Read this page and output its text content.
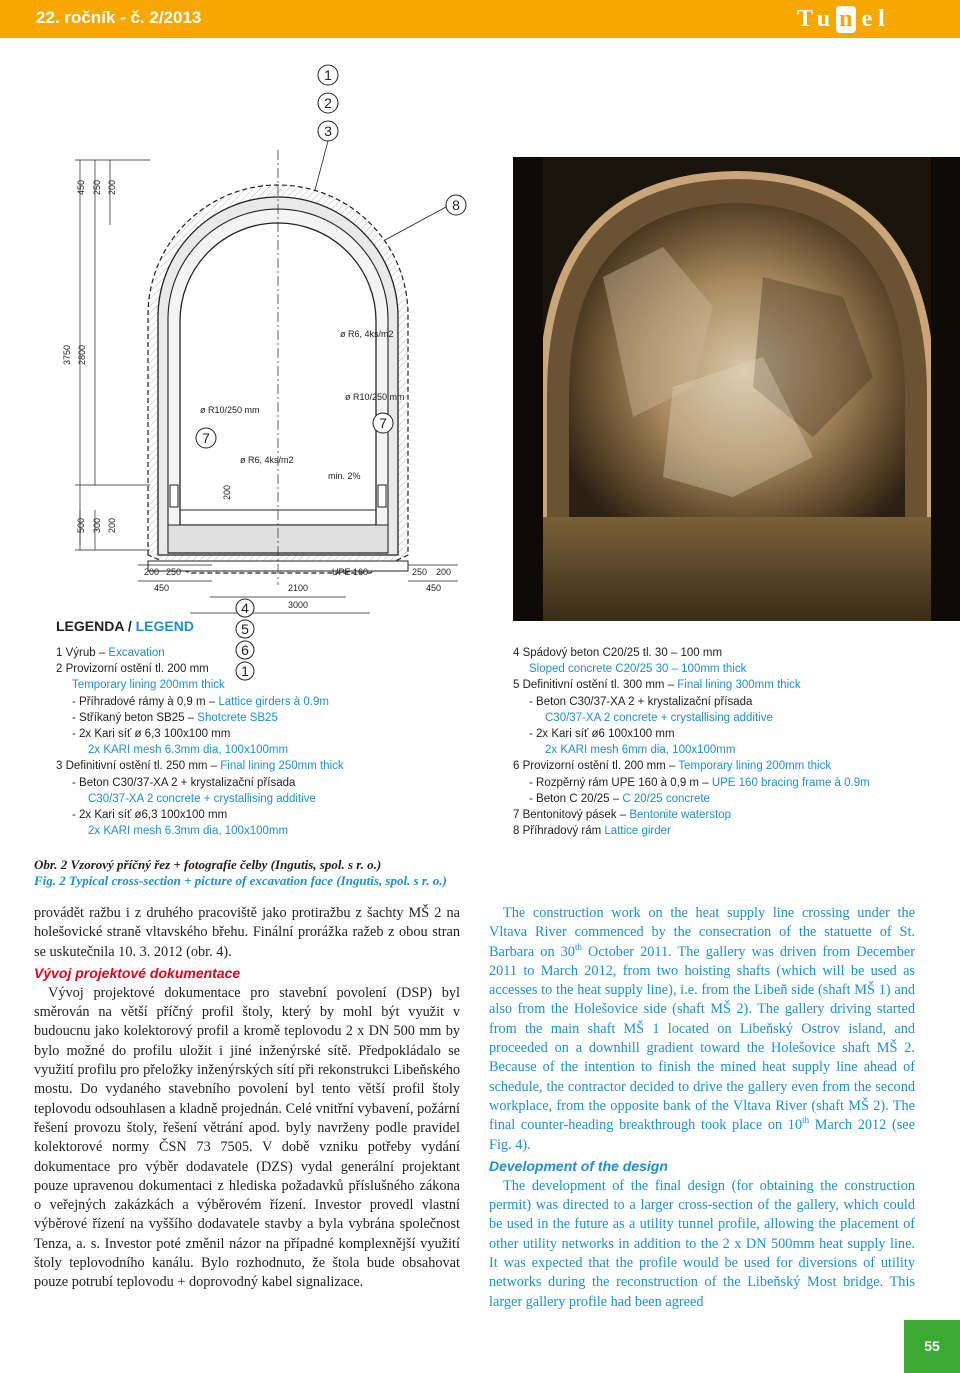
22. ročník - č. 2/2013	Tu n el
450 250 200
3750 2800
500 300 200
200
ø R6, 4ks/m2
ø R10/250 mm
ø R10/250 mm
ø R6, 4ks/m2
min. 2%
UPE 160
200 250
450	2100
3000
250 200
450
1
2
3
8
7
7
4
5
6
1
LEGENDA / LEGEND
1 Výrub – Excavation
2 Provizorní ostění tl. 200 mm
Temporary lining 200mm thick
- Příhradové rámy à 0,9 m – Lattice girders à 0.9m
- Stříkaný beton SB25 – Shotcrete SB25
- 2x Kari síť ø 6,3 100x100 mm
2x KARI mesh 6.3mm dia, 100x100mm
3 Definitivní ostění tl. 250 mm – Final lining 250mm thick
- Beton C30/37-XA 2 + krystalizační přísada
C30/37-XA 2 concrete + crystallising additive
- 2x Kari síť ø6,3 100x100 mm
2x KARI mesh 6.3mm dia, 100x100mm
4 Spádový beton C20/25 tl. 30 – 100 mm
Sloped concrete C20/25 30 – 100mm thick
5 Definitivní ostění tl. 300 mm – Final lining 300mm thick
- Beton C30/37-XA 2 + krystalizační přísada
C30/37-XA 2 concrete + crystallising additive
- 2x Kari síť ø6 100x100 mm
2x KARI mesh 6mm dia, 100x100mm
6 Provizorní ostění tl. 200 mm – Temporary lining 200mm thick
- Rozpěrný rám UPE 160 à 0,9 m – UPE 160 bracing frame à 0.9m
- Beton C 20/25 – C 20/25 concrete
7 Bentonitový pásek – Bentonite waterstop
8 Příhradový rám Lattice girder
Obr. 2 Vzorový příčný řez + fotografie čelby (Ingutis, spol. s r. o.)
Fig. 2 Typical cross-section + picture of excavation face (Ingutis, spol. s r. o.)

provádět ražbu i z druhého pracoviště jako protiražbu z šachty MŠ 2 na holešovické straně vltavského břehu. Finální prorážka ražeb z obou stran se uskutečnila 10. 3. 2012 (obr. 4).

Vývoj projektové dokumentace

Vývoj projektové dokumentace pro stavební povolení (DSP) byl směrován na větší příčný profil štoly, který by mohl být využit v budoucnu jako kolektorový profil a kromě teplovodu 2 x DN 500 mm by bylo možné do profilu uložit i jiné inženýrské sítě. Předpokládalo se využití profilu pro přeložky inženýrských sítí při rekonstrukci Libeňského mostu. Do vydaného stavebního povolení byl tento větší profil štoly teplovodu odsouhlasen a kladně projednán. Celé vnitřní vybavení, požární řešení provozu štoly, řešení větrání apod. byly navrženy podle pravidel kolektorové normy ČSN 73 7505. V době vzniku potřeby vydání dokumentace pro výběr dodavatele (DZS) vydal generální projektant pouze upravenou dokumentaci z hlediska požadavků příslušného zákona o veřejných zakázkách a výběrovém řízení. Investor provedl vlastní výběrové řízení na vyššího dodavatele stavby a byla vybrána společnost Tenza, a. s. Investor poté změnil názor na případné komplexnější využití štoly teplovodního kanálu. Bylo rozhodnuto, že štola bude obsahovat pouze potrubí teplovodu + doprovodný kabel signalizace.

The construction work on the heat supply line crossing under the Vltava River commenced by the consecration of the statuette of St. Barbara on 30th October 2011. The gallery was driven from December 2011 to March 2012, from two hoisting shafts (which will be used as accesses to the heat supply line), i.e. from the Libeň side (shaft MŠ 1) and also from the Holešovice side (shaft MŠ 2). The gallery driving started from the main shaft MŠ 1 located on Libeňský Ostrov island, and proceeded on a downhill gradient toward the Holešovice shaft MŠ 2. Because of the intention to finish the mined heat supply line ahead of schedule, the contractor decided to drive the gallery even from the second workplace, from the opposite bank of the Vltava River (shaft MŠ 2). The final counter-heading breakthrough took place on 10th March 2012 (see Fig. 4).

Development of the design

The development of the final design (for obtaining the construction permit) was directed to a larger cross-section of the gallery, which could be used in the future as a utility tunnel profile, allowing the placement of other utility networks in addition to the 2 x DN 500mm heat supply line. It was expected that the profile would be used for diversions of utility networks during the reconstruction of the Libeňský Most bridge. This larger gallery profile had been agreed

55
